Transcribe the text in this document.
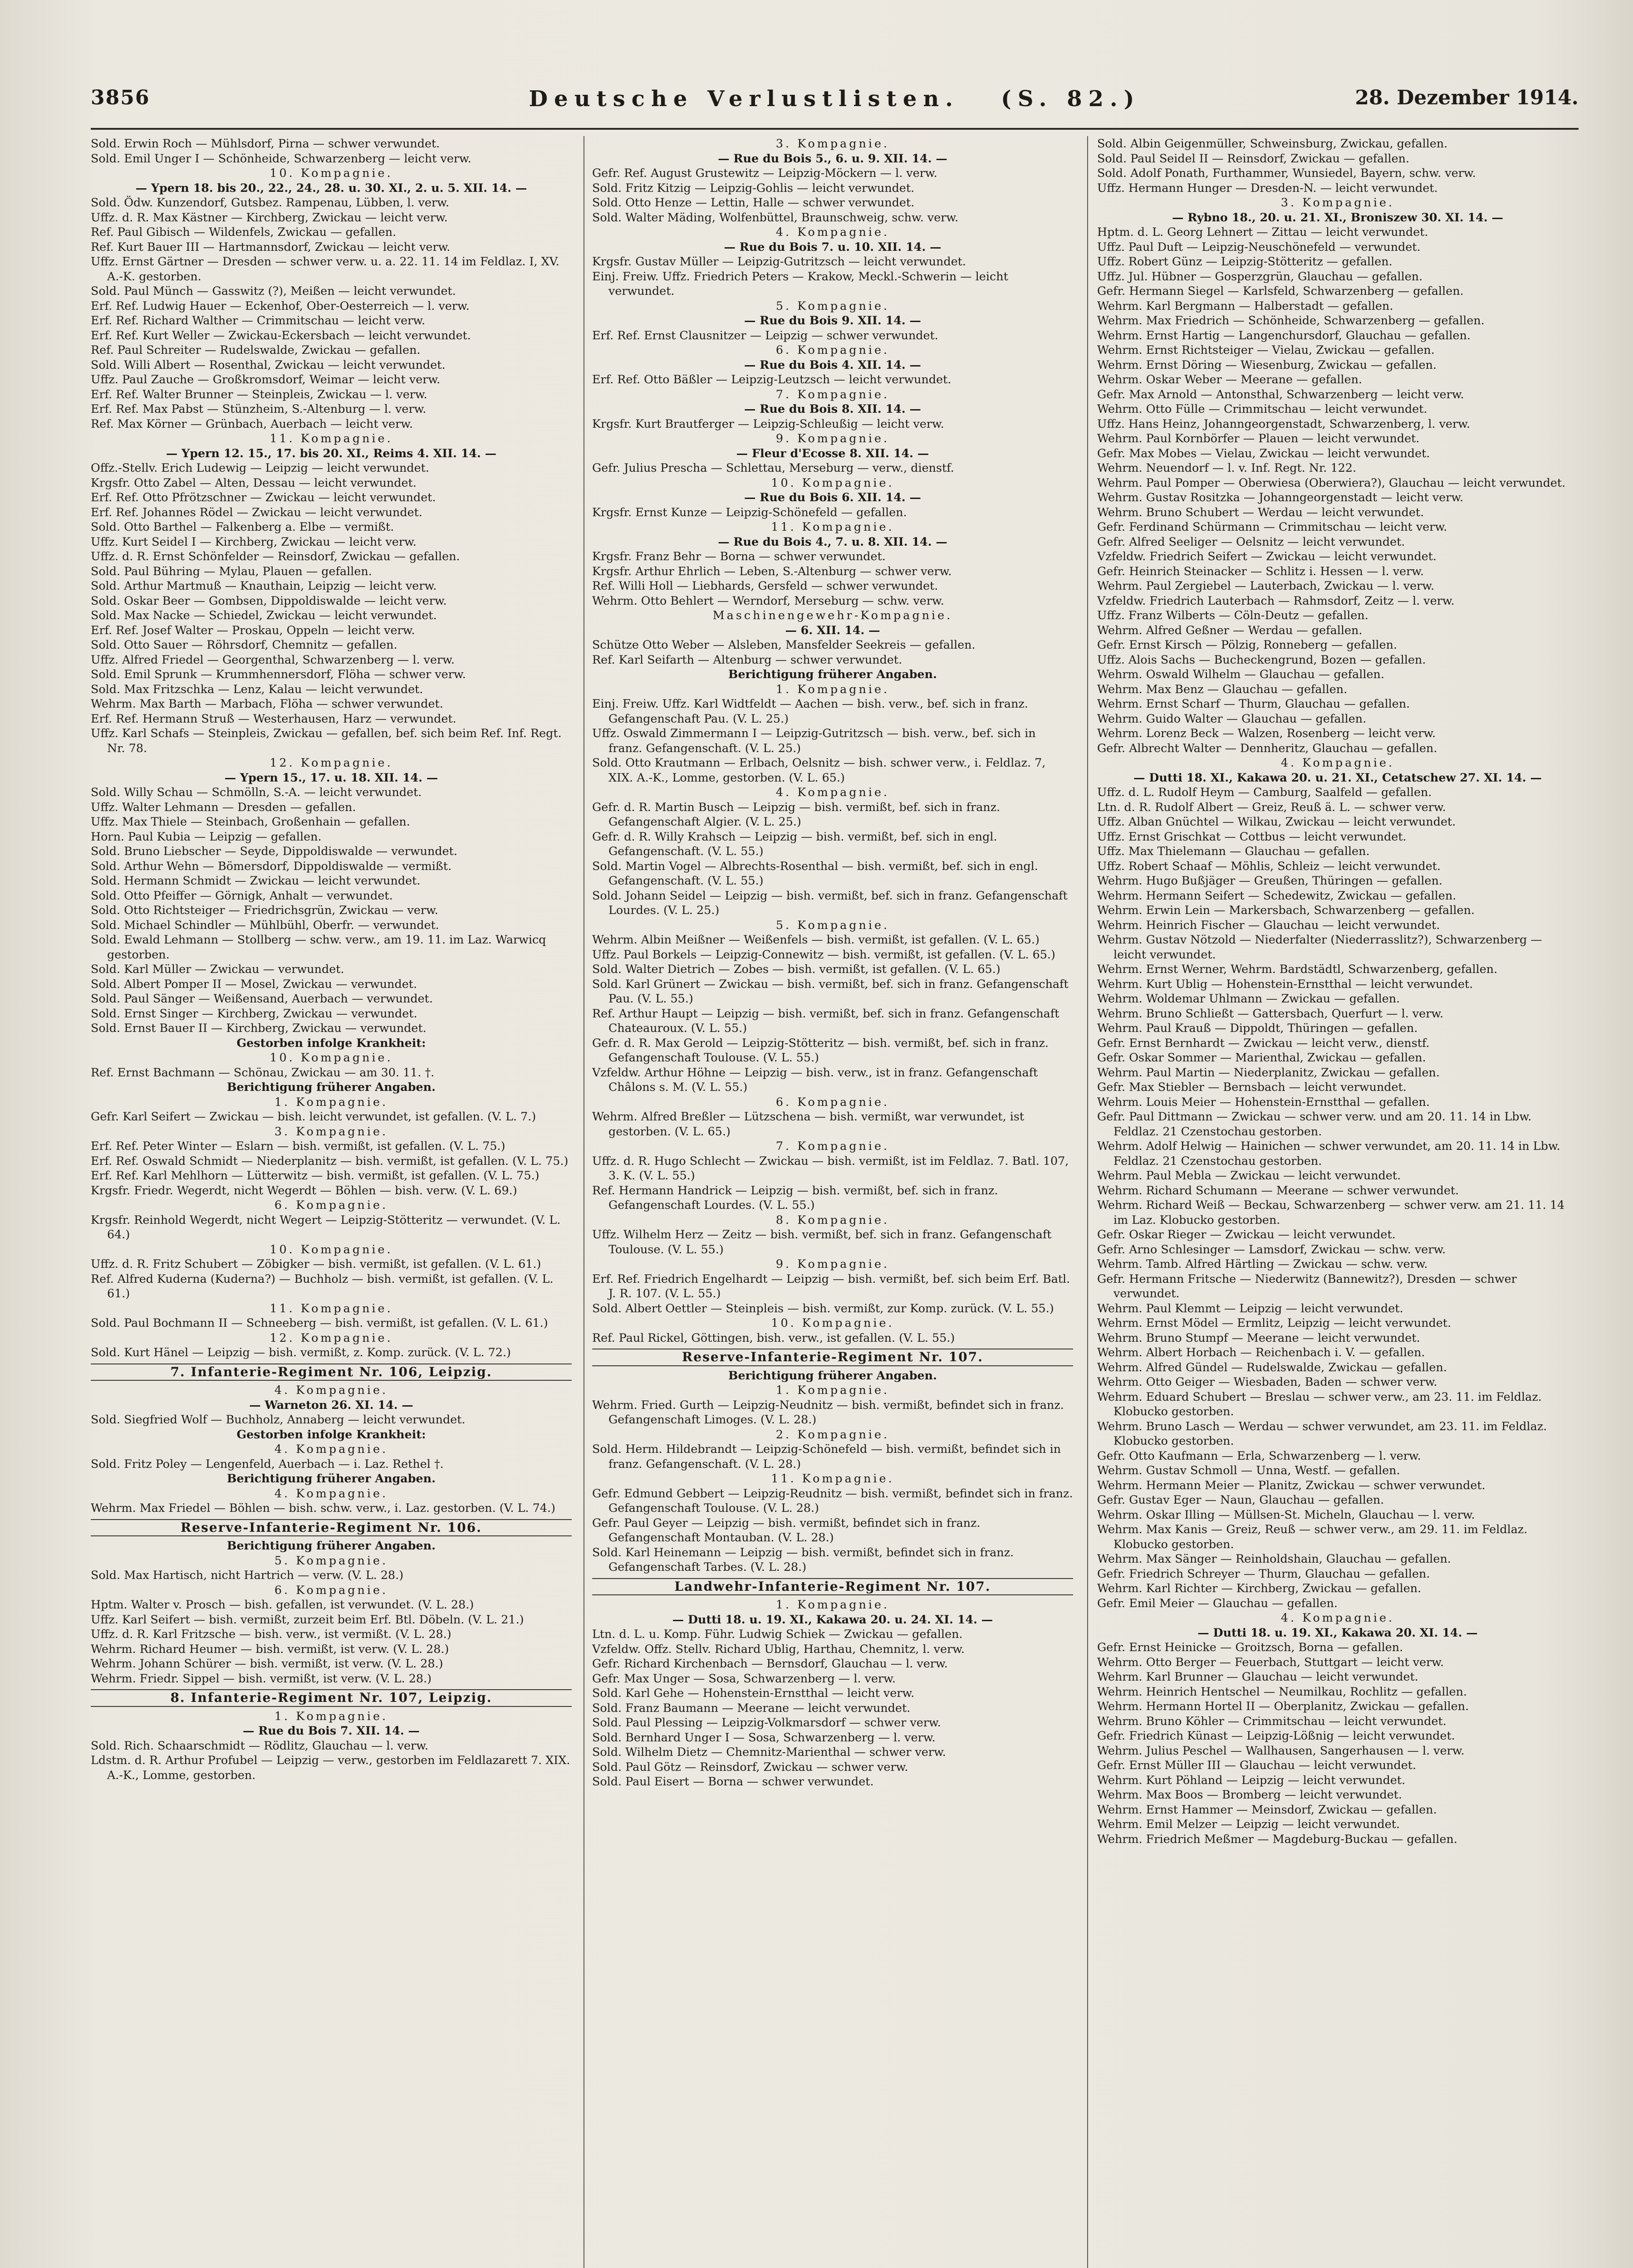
3856	Deutsche Verlustlisten. (S. 82.)	28. Dezember 1914.
Sold. Erwin Roch — Mühlsdorf, Pirna — schwer verwundet.
Sold. Emil Unger I — Schönheide, Schwarzenberg — leicht verw.
10. Kompagnie.
— Ypern 18. bis 20., 22., 24., 28. u. 30. XI., 2. u. 5. XII. 14. —
Sold. Ödw. Kunzendorf, Gutsbez. Rampenau, Lübben, l. verw.
Uffz. d. R. Max Kästner — Kirchberg, Zwickau — leicht verw.
Ref. Paul Gibisch — Wildenfels, Zwickau — gefallen.
Ref. Kurt Bauer III — Hartmannsdorf, Zwickau — leicht verw.
Uffz. Ernst Gärtner — Dresden — schwer verw. u. a. 22. 11. 14 im Feldlaz. I, XV. A.-K. gestorben.
Sold. Paul Münch — Gasswitz (?), Meißen — leicht verwundet.
Erf. Ref. Ludwig Hauer — Eckenhof, Ober-Oesterreich — l. verw.
Erf. Ref. Richard Walther — Crimmitschau — leicht verw.
Erf. Ref. Kurt Weller — Zwickau-Eckersbach — leicht verwundet.
Ref. Paul Schreiter — Rudelswalde, Zwickau — gefallen.
Sold. Willi Albert — Rosenthal, Zwickau — leicht verwundet.
Uffz. Paul Zauche — Großkromsdorf, Weimar — leicht verw.
Erf. Ref. Walter Brunner — Steinpleis, Zwickau — l. verw.
Erf. Ref. Max Pabst — Stünzheim, S.-Altenburg — l. verw.
Ref. Max Körner — Grünbach, Auerbach — leicht verw.
11. Kompagnie.
— Ypern 12. 15., 17. bis 20. XI., Reims 4. XII. 14. —
Offz.-Stellv. Erich Ludewig — Leipzig — leicht verwundet.
Krgsfr. Otto Zabel — Alten, Dessau — leicht verwundet.
Erf. Ref. Otto Pfrötzschner — Zwickau — leicht verwundet.
Erf. Ref. Johannes Rödel — Zwickau — leicht verwundet.
Sold. Otto Barthel — Falkenberg a. Elbe — vermißt.
Uffz. Kurt Seidel I — Kirchberg, Zwickau — leicht verw.
Uffz. d. R. Ernst Schönfelder — Reinsdorf, Zwickau — gefallen.
Sold. Paul Bühring — Mylau, Plauen — gefallen.
Sold. Arthur Martmuß — Knauthain, Leipzig — leicht verw.
Sold. Oskar Beer — Gombsen, Dippoldiswalde — leicht verw.
Sold. Max Nacke — Schiedel, Zwickau — leicht verwundet.
Erf. Ref. Josef Walter — Proskau, Oppeln — leicht verw.
Sold. Otto Sauer — Röhrsdorf, Chemnitz — gefallen.
Uffz. Alfred Friedel — Georgenthal, Schwarzenberg — l. verw.
Sold. Emil Sprunk — Krummhennersdorf, Flöha — schwer verw.
Sold. Max Fritzschka — Lenz, Kalau — leicht verwundet.
Wehrm. Max Barth — Marbach, Flöha — schwer verwundet.
Erf. Ref. Hermann Struß — Westerhausen, Harz — verwundet.
Uffz. Karl Schafs — Steinpleis, Zwickau — gefallen, bef. sich beim Ref. Inf. Regt. Nr. 78.
12. Kompagnie.
— Ypern 15., 17. u. 18. XII. 14. —
Sold. Willy Schau — Schmölln, S.-A. — leicht verwundet.
Uffz. Walter Lehmann — Dresden — gefallen.
Uffz. Max Thiele — Steinbach, Großenhain — gefallen.
Horn. Paul Kubia — Leipzig — gefallen.
Sold. Bruno Liebscher — Seyde, Dippoldiswalde — verwundet.
Sold. Arthur Wehn — Bömersdorf, Dippoldiswalde — vermißt.
Sold. Hermann Schmidt — Zwickau — leicht verwundet.
Sold. Otto Pfeiffer — Görnigk, Anhalt — verwundet.
Sold. Otto Richtsteiger — Friedrichsgrün, Zwickau — verw.
Sold. Michael Schindler — Mühlbühl, Oberfr. — verwundet.
Sold. Ewald Lehmann — Stollberg — schw. verw., am 19. 11. im Laz. Warwicq gestorben.
Sold. Karl Müller — Zwickau — verwundet.
Sold. Albert Pomper II — Mosel, Zwickau — verwundet.
Sold. Paul Sänger — Weißensand, Auerbach — verwundet.
Sold. Ernst Singer — Kirchberg, Zwickau — verwundet.
Sold. Ernst Bauer II — Kirchberg, Zwickau — verwundet.
Gestorben infolge Krankheit:
10. Kompagnie.
Ref. Ernst Bachmann — Schönau, Zwickau — am 30. 11. †.
Berichtigung früherer Angaben.
1. Kompagnie.
Gefr. Karl Seifert — Zwickau — bish. leicht verwundet, ist gefallen. (V. L. 7.)
3. Kompagnie.
Erf. Ref. Peter Winter — Eslarn — bish. vermißt, ist gefallen. (V. L. 75.)
Erf. Ref. Oswald Schmidt — Niederplanitz — bish. vermißt, ist gefallen. (V. L. 75.)
Erf. Ref. Karl Mehlhorn — Lütterwitz — bish. vermißt, ist gefallen. (V. L. 75.)
Krgsfr. Friedr. Wegerdt, nicht Wegerdt — Böhlen — bish. verw. (V. L. 69.)
6. Kompagnie.
Krgsfr. Reinhold Wegerdt, nicht Wegert — Leipzig-Stötteritz — verwundet. (V. L. 64.)
10. Kompagnie.
Uffz. d. R. Fritz Schubert — Zöbigker — bish. vermißt, ist gefallen. (V. L. 61.)
Ref. Alfred Kuderna (Kudernа?) — Buchholz — bish. vermißt, ist gefallen. (V. L. 61.)
11. Kompagnie.
Sold. Paul Bochmann II — Schneeberg — bish. vermißt, ist gefallen. (V. L. 61.)
12. Kompagnie.
Sold. Kurt Hänel — Leipzig — bish. vermißt, z. Komp. zurück. (V. L. 72.)
7. Infanterie-Regiment Nr. 106, Leipzig.
4. Kompagnie.
— Warneton 26. XI. 14. —
Sold. Siegfried Wolf — Buchholz, Annaberg — leicht verwundet.
Gestorben infolge Krankheit:
4. Kompagnie.
Sold. Fritz Poley — Lengenfeld, Auerbach — i. Laz. Rethel †.
Berichtigung früherer Angaben.
4. Kompagnie.
Wehrm. Max Friedel — Böhlen — bish. schw. verw., i. Laz. gestorben. (V. L. 74.)
Reserve-Infanterie-Regiment Nr. 106.
Berichtigung früherer Angaben.
5. Kompagnie.
Sold. Max Hartisch, nicht Hartrich — verw. (V. L. 28.)
6. Kompagnie.
Hptm. Walter v. Prosch — bish. gefallen, ist verwundet. (V. L. 28.)
Uffz. Karl Seifert — bish. vermißt, zurzeit beim Erf. Btl. Döbeln. (V. L. 21.)
Uffz. d. R. Karl Fritzsche — bish. verw., ist vermißt. (V. L. 28.)
Wehrm. Richard Heumer — bish. vermißt, ist verw. (V. L. 28.)
Wehrm. Johann Schürer — bish. vermißt, ist verw. (V. L. 28.)
Wehrm. Friedr. Sippel — bish. vermißt, ist verw. (V. L. 28.)
8. Infanterie-Regiment Nr. 107, Leipzig.
1. Kompagnie.
— Rue du Bois 7. XII. 14. —
Sold. Rich. Schaarschmidt — Rödlitz, Glauchau — l. verw.
Ldstm. d. R. Arthur Profubel — Leipzig — verw., gestorben im Feldlazarett 7. XIX. A.-K., Lomme, gestorben.
3. Kompagnie.
— Rue du Bois 5., 6. u. 9. XII. 14. —
Gefr. Ref. August Grustewitz — Leipzig-Möckern — l. verw.
Sold. Fritz Kitzig — Leipzig-Gohlis — leicht verwundet.
Sold. Otto Henze — Lettin, Halle — schwer verwundet.
Sold. Walter Mäding, Wolfenbüttel, Braunschweig, schw. verw.
4. Kompagnie.
— Rue du Bois 7. u. 10. XII. 14. —
Krgsfr. Gustav Müller — Leipzig-Gutritzsch — leicht verwundet.
Einj. Freiw. Uffz. Friedrich Peters — Krakow, Meckl.-Schwerin — leicht verwundet.
5. Kompagnie.
— Rue du Bois 9. XII. 14. —
Erf. Ref. Ernst Clausnitzer — Leipzig — schwer verwundet.
6. Kompagnie.
— Rue du Bois 4. XII. 14. —
Erf. Ref. Otto Bäßler — Leipzig-Leutzsch — leicht verwundet.
7. Kompagnie.
— Rue du Bois 8. XII. 14. —
Krgsfr. Kurt Brautferger — Leipzig-Schleußig — leicht verw.
9. Kompagnie.
— Fleur d'Ecosse 8. XII. 14. —
Gefr. Julius Prescha — Schlettau, Merseburg — verw., dienstf.
10. Kompagnie.
— Rue du Bois 6. XII. 14. —
Krgsfr. Ernst Kunze — Leipzig-Schönefeld — gefallen.
11. Kompagnie.
— Rue du Bois 4., 7. u. 8. XII. 14. —
Krgsfr. Franz Behr — Borna — schwer verwundet.
Krgsfr. Arthur Ehrlich — Leben, S.-Altenburg — schwer verw.
Ref. Willi Holl — Liebhards, Gersfeld — schwer verwundet.
Wehrm. Otto Behlert — Werndorf, Merseburg — schw. verw.
Maschinengewehr-Kompagnie.
— 6. XII. 14. —
Schütze Otto Weber — Alsleben, Mansfelder Seekreis — gefallen.
Ref. Karl Seifarth — Altenburg — schwer verwundet.
Berichtigung früherer Angaben.
1. Kompagnie.
Einj. Freiw. Uffz. Karl Widtfeldt — Aachen — bish. verw., bef. sich in franz. Gefangenschaft Pau. (V. L. 25.)
Uffz. Oswald Zimmermann I — Leipzig-Gutritzsch — bish. verw., bef. sich in franz. Gefangenschaft. (V. L. 25.)
Sold. Otto Krautmann — Erlbach, Oelsnitz — bish. schwer verw., i. Feldlaz. 7, XIX. A.-K., Lomme, gestorben. (V. L. 65.)
4. Kompagnie.
Gefr. d. R. Martin Busch — Leipzig — bish. vermißt, bef. sich in franz. Gefangenschaft Algier. (V. L. 25.)
Gefr. d. R. Willy Krahsch — Leipzig — bish. vermißt, bef. sich in engl. Gefangenschaft. (V. L. 55.)
Sold. Martin Vogel — Albrechts-Rosenthal — bish. vermißt, bef. sich in engl. Gefangenschaft. (V. L. 55.)
Sold. Johann Seidel — Leipzig — bish. vermißt, bef. sich in franz. Gefangenschaft Lourdes. (V. L. 25.)
5. Kompagnie.
Wehrm. Albin Meißner — Weißenfels — bish. vermißt, ist gefallen. (V. L. 65.)
Uffz. Paul Borkels — Leipzig-Connewitz — bish. vermißt, ist gefallen. (V. L. 65.)
Sold. Walter Dietrich — Zobes — bish. vermißt, ist gefallen. (V. L. 65.)
Sold. Karl Grünert — Zwickau — bish. vermißt, bef. sich in franz. Gefangenschaft Pau. (V. L. 55.)
Ref. Arthur Haupt — Leipzig — bish. vermißt, bef. sich in franz. Gefangenschaft Chateauroux. (V. L. 55.)
Gefr. d. R. Max Gerold — Leipzig-Stötteritz — bish. vermißt, bef. sich in franz. Gefangenschaft Toulouse. (V. L. 55.)
Vzfeldw. Arthur Höhne — Leipzig — bish. verw., ist in franz. Gefangenschaft Châlons s. M. (V. L. 55.)
6. Kompagnie.
Wehrm. Alfred Breßler — Lützschena — bish. vermißt, war verwundet, ist gestorben. (V. L. 65.)
7. Kompagnie.
Uffz. d. R. Hugo Schlecht — Zwickau — bish. vermißt, ist im Feldlaz. 7. Batl. 107, 3. K. (V. L. 55.)
Ref. Hermann Handrick — Leipzig — bish. vermißt, bef. sich in franz. Gefangenschaft Lourdes. (V. L. 55.)
8. Kompagnie.
Uffz. Wilhelm Herz — Zeitz — bish. vermißt, bef. sich in franz. Gefangenschaft Toulouse. (V. L. 55.)
9. Kompagnie.
Erf. Ref. Friedrich Engelhardt — Leipzig — bish. vermißt, bef. sich beim Erf. Batl. J. R. 107. (V. L. 55.)
Sold. Albert Oettler — Steinpleis — bish. vermißt, zur Komp. zurück. (V. L. 55.)
10. Kompagnie.
Ref. Paul Rickel, Göttingen, bish. verw., ist gefallen. (V. L. 55.)
Reserve-Infanterie-Regiment Nr. 107.
Berichtigung früherer Angaben.
1. Kompagnie.
Wehrm. Fried. Gurth — Leipzig-Neudnitz — bish. vermißt, befindet sich in franz. Gefangenschaft Limoges. (V. L. 28.)
2. Kompagnie.
Sold. Herm. Hildebrandt — Leipzig-Schönefeld — bish. vermißt, befindet sich in franz. Gefangenschaft. (V. L. 28.)
11. Kompagnie.
Gefr. Edmund Gebbert — Leipzig-Reudnitz — bish. vermißt, befindet sich in franz. Gefangenschaft Toulouse. (V. L. 28.)
Gefr. Paul Geyer — Leipzig — bish. vermißt, befindet sich in franz. Gefangenschaft Montauban. (V. L. 28.)
Sold. Karl Heinemann — Leipzig — bish. vermißt, befindet sich in franz. Gefangenschaft Tarbes. (V. L. 28.)
Landwehr-Infanterie-Regiment Nr. 107.
1. Kompagnie.
— Dutti 18. u. 19. XI., Kakawa 20. u. 24. XI. 14. —
Ltn. d. L. u. Komp. Führ. Ludwig Schiek — Zwickau — gefallen.
Vzfeldw. Offz. Stellv. Richard Ublig, Harthau, Chemnitz, l. verw.
Gefr. Richard Kirchenbach — Bernsdorf, Glauchau — l. verw.
Gefr. Max Unger — Sosa, Schwarzenberg — l. verw.
Sold. Karl Gehe — Hohenstein-Ernstthal — leicht verw.
Sold. Franz Baumann — Meerane — leicht verwundet.
Sold. Paul Plessing — Leipzig-Volkmarsdorf — schwer verw.
Sold. Bernhard Unger I — Sosa, Schwarzenberg — l. verw.
Sold. Wilhelm Dietz — Chemnitz-Marienthal — schwer verw.
Sold. Paul Götz — Reinsdorf, Zwickau — schwer verw.
Sold. Paul Eisert — Borna — schwer verwundet.
Sold. Albin Geigenmüller, Schweinsburg, Zwickau, gefallen.
Sold. Paul Seidel II — Reinsdorf, Zwickau — gefallen.
Sold. Adolf Ponath, Furthammer, Wunsiedel, Bayern, schw. verw.
Uffz. Hermann Hunger — Dresden-N. — leicht verwundet.
3. Kompagnie.
— Rybno 18., 20. u. 21. XI., Broniszew 30. XI. 14. —
Hptm. d. L. Georg Lehnert — Zittau — leicht verwundet.
Uffz. Paul Duft — Leipzig-Neuschönefeld — verwundet.
Uffz. Robert Günz — Leipzig-Stötteritz — gefallen.
Uffz. Jul. Hübner — Gosperzgrün, Glauchau — gefallen.
Gefr. Hermann Siegel — Karlsfeld, Schwarzenberg — gefallen.
Wehrm. Karl Bergmann — Halberstadt — gefallen.
Wehrm. Max Friedrich — Schönheide, Schwarzenberg — gefallen.
Wehrm. Ernst Hartig — Langenchursdorf, Glauchau — gefallen.
Wehrm. Ernst Richtsteiger — Vielau, Zwickau — gefallen.
Wehrm. Ernst Döring — Wiesenburg, Zwickau — gefallen.
Wehrm. Oskar Weber — Meerane — gefallen.
Gefr. Max Arnold — Antonsthal, Schwarzenberg — leicht verw.
Wehrm. Otto Fülle — Crimmitschau — leicht verwundet.
Uffz. Hans Heinz, Johanngeorgenstadt, Schwarzenberg, l. verw.
Wehrm. Paul Kornbörfer — Plauen — leicht verwundet.
Gefr. Max Mobes — Vielau, Zwickau — leicht verwundet.
Wehrm. Neuendorf — l. v. Inf. Regt. Nr. 122.
Wehrm. Paul Pomper — Oberwiesa (Oberwiera?), Glauchau — leicht verwundet.
Wehrm. Gustav Rositzka — Johanngeorgenstadt — leicht verw.
Wehrm. Bruno Schubert — Werdau — leicht verwundet.
Gefr. Ferdinand Schürmann — Crimmitschau — leicht verw.
Gefr. Alfred Seeliger — Oelsnitz — leicht verwundet.
Vzfeldw. Friedrich Seifert — Zwickau — leicht verwundet.
Gefr. Heinrich Steinacker — Schlitz i. Hessen — l. verw.
Wehrm. Paul Zergiebel — Lauterbach, Zwickau — l. verw.
Vzfeldw. Friedrich Lauterbach — Rahmsdorf, Zeitz — l. verw.
Uffz. Franz Wilberts — Cöln-Deutz — gefallen.
Wehrm. Alfred Geßner — Werdau — gefallen.
Gefr. Ernst Kirsch — Pölzig, Ronneberg — gefallen.
Uffz. Alois Sachs — Bucheckengrund, Bozen — gefallen.
Wehrm. Oswald Wilhelm — Glauchau — gefallen.
Wehrm. Max Benz — Glauchau — gefallen.
Wehrm. Ernst Scharf — Thurm, Glauchau — gefallen.
Wehrm. Guido Walter — Glauchau — gefallen.
Wehrm. Lorenz Beck — Walzen, Rosenberg — leicht verw.
Gefr. Albrecht Walter — Dennheritz, Glauchau — gefallen.
4. Kompagnie.
— Dutti 18. XI., Kakawa 20. u. 21. XI., Cetatschew 27. XI. 14. —
Uffz. d. L. Rudolf Heym — Camburg, Saalfeld — gefallen.
Ltn. d. R. Rudolf Albert — Greiz, Reuß ä. L. — schwer verw.
Uffz. Alban Gnüchtel — Wilkau, Zwickau — leicht verwundet.
Uffz. Ernst Grischkat — Cottbus — leicht verwundet.
Uffz. Max Thielemann — Glauchau — gefallen.
Uffz. Robert Schaaf — Möhlis, Schleiz — leicht verwundet.
Wehrm. Hugo Bußjäger — Greußen, Thüringen — gefallen.
Wehrm. Hermann Seifert — Schedewitz, Zwickau — gefallen.
Wehrm. Erwin Lein — Markersbach, Schwarzenberg — gefallen.
Wehrm. Heinrich Fischer — Glauchau — leicht verwundet.
Wehrm. Gustav Nötzold — Niederfalter (Niederrasslitz?), Schwarzenberg — leicht verwundet.
Wehrm. Ernst Werner, Wehrm. Bardstädtl, Schwarzenberg, gefallen.
Wehrm. Kurt Ublig — Hohenstein-Ernstthal — leicht verwundet.
Wehrm. Woldemar Uhlmann — Zwickau — gefallen.
Wehrm. Bruno Schließt — Gattersbach, Querfurt — l. verw.
Wehrm. Paul Krauß — Dippoldt, Thüringen — gefallen.
Gefr. Ernst Bernhardt — Zwickau — leicht verw., dienstf.
Gefr. Oskar Sommer — Marienthal, Zwickau — gefallen.
Wehrm. Paul Martin — Niederplanitz, Zwickau — gefallen.
Gefr. Max Stiebler — Bernsbach — leicht verwundet.
Wehrm. Louis Meier — Hohenstein-Ernstthal — gefallen.
Gefr. Paul Dittmann — Zwickau — schwer verw. und am 20. 11. 14 in Lbw. Feldlaz. 21 Czenstochau gestorben.
Wehrm. Adolf Helwig — Hainichen — schwer verwundet, am 20. 11. 14 in Lbw. Feldlaz. 21 Czenstochau gestorben.
Wehrm. Paul Mebla — Zwickau — leicht verwundet.
Wehrm. Richard Schumann — Meerane — schwer verwundet.
Wehrm. Richard Weiß — Beckau, Schwarzenberg — schwer verw. am 21. 11. 14 im Laz. Klobucko gestorben.
Gefr. Oskar Rieger — Zwickau — leicht verwundet.
Gefr. Arno Schlesinger — Lamsdorf, Zwickau — schw. verw.
Wehrm. Tamb. Alfred Härtling — Zwickau — schw. verw.
Gefr. Hermann Fritsche — Niederwitz (Bannewitz?), Dresden — schwer verwundet.
Wehrm. Paul Klemmt — Leipzig — leicht verwundet.
Wehrm. Ernst Mödel — Ermlitz, Leipzig — leicht verwundet.
Wehrm. Bruno Stumpf — Meerane — leicht verwundet.
Wehrm. Albert Horbach — Reichenbach i. V. — gefallen.
Wehrm. Alfred Gündel — Rudelswalde, Zwickau — gefallen.
Wehrm. Otto Geiger — Wiesbaden, Baden — schwer verw.
Wehrm. Eduard Schubert — Breslau — schwer verw., am 23. 11. im Feldlaz. Klobucko gestorben.
Wehrm. Bruno Lasch — Werdau — schwer verwundet, am 23. 11. im Feldlaz. Klobucko gestorben.
Gefr. Otto Kaufmann — Erla, Schwarzenberg — l. verw.
Wehrm. Gustav Schmoll — Unna, Westf. — gefallen.
Wehrm. Hermann Meier — Planitz, Zwickau — schwer verwundet.
Gefr. Gustav Eger — Naun, Glauchau — gefallen.
Wehrm. Oskar Illing — Müllsen-St. Micheln, Glauchau — l. verw.
Wehrm. Max Kanis — Greiz, Reuß — schwer verw., am 29. 11. im Feldlaz. Klobucko gestorben.
Wehrm. Max Sänger — Reinholdshain, Glauchau — gefallen.
Gefr. Friedrich Schreyer — Thurm, Glauchau — gefallen.
Wehrm. Karl Richter — Kirchberg, Zwickau — gefallen.
Gefr. Emil Meier — Glauchau — gefallen.
4. Kompagnie.
— Dutti 18. u. 19. XI., Kakawa 20. XI. 14. —
Gefr. Ernst Heinicke — Groitzsch, Borna — gefallen.
Wehrm. Otto Berger — Feuerbach, Stuttgart — leicht verw.
Wehrm. Karl Brunner — Glauchau — leicht verwundet.
Wehrm. Heinrich Hentschel — Neumilkau, Rochlitz — gefallen.
Wehrm. Hermann Hortel II — Oberplanitz, Zwickau — gefallen.
Wehrm. Bruno Köhler — Crimmitschau — leicht verwundet.
Gefr. Friedrich Künast — Leipzig-Lößnig — leicht verwundet.
Wehrm. Julius Peschel — Wallhausen, Sangerhausen — l. verw.
Gefr. Ernst Müller III — Glauchau — leicht verwundet.
Wehrm. Kurt Pöhland — Leipzig — leicht verwundet.
Wehrm. Max Boos — Bromberg — leicht verwundet.
Wehrm. Ernst Hammer — Meinsdorf, Zwickau — gefallen.
Wehrm. Emil Melzer — Leipzig — leicht verwundet.
Wehrm. Friedrich Meßmer — Magdeburg-Buckau — gefallen.
